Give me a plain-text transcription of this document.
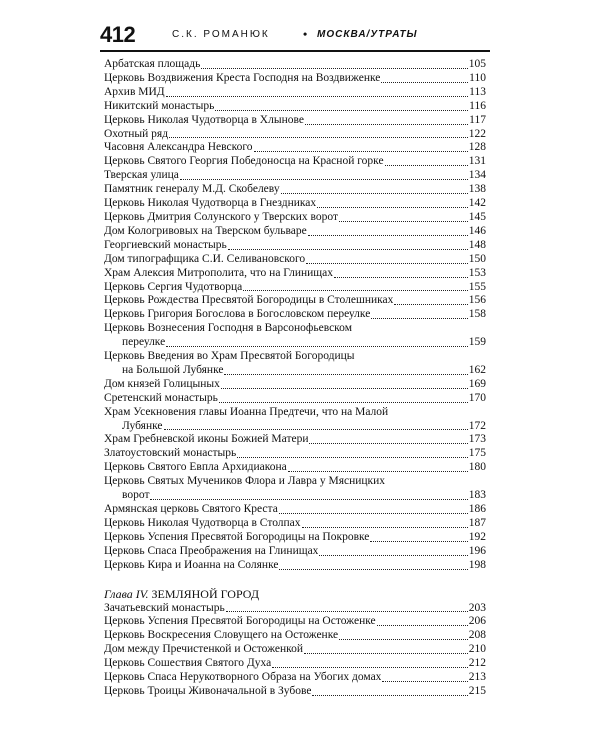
412	С.К. РОМАНЮК	• МОСКВА/УТРАТЫ
Арбатская площадь	105
Церковь Воздвижения Креста Господня на Воздвиженке	110
Архив МИД	113
Никитский монастырь	116
Церковь Николая Чудотворца в Хлынове	117
Охотный ряд	122
Часовня Александра Невского	128
Церковь Святого Георгия Победоносца на Красной горке	131
Тверская улица	134
Памятник генералу М.Д. Скобелеву	138
Церковь Николая Чудотворца в Гнездниках	142
Церковь Дмитрия Солунского у Тверских ворот	145
Дом Кологривовых на Тверском бульваре	146
Георгиевский монастырь	148
Дом типографщика С.И. Селивановского	150
Храм Алексия Митрополита, что на Глинищах	153
Церковь Сергия Чудотворца	155
Церковь Рождества Пресвятой Богородицы в Столешниках	156
Церковь Григория Богослова в Богословском переулке	158
Церковь Вознесения Господня в Варсонофьевском
переулке	159
Церковь Введения во Храм Пресвятой Богородицы
на Большой Лубянке	162
Дом князей Голицыных	169
Сретенский монастырь	170
Храм Усекновения главы Иоанна Предтечи, что на Малой
Лубянке	172
Храм Гребневской иконы Божией Матери	173
Златоустовский монастырь	175
Церковь Святого Евпла Архидиакона	180
Церковь Святых Мучеников Флора и Лавра у Мясницких
ворот	183
Армянская церковь Святого Креста	186
Церковь Николая Чудотворца в Столпах	187
Церковь Успения Пресвятой Богородицы на Покровке	192
Церковь Спаса Преображения на Глинищах	196
Церковь Кира и Иоанна на Солянке	198
Глава IV. ЗЕМЛЯНОЙ ГОРОД
Зачатьевский монастырь	203
Церковь Успения Пресвятой Богородицы на Остоженке	206
Церковь Воскресения Словущего на Остоженке	208
Дом между Пречистенкой и Остоженкой	210
Церковь Сошествия Святого Духа	212
Церковь Спаса Нерукотворного Образа на Убогих домах	213
Церковь Троицы Живоначальной в Зубове	215
